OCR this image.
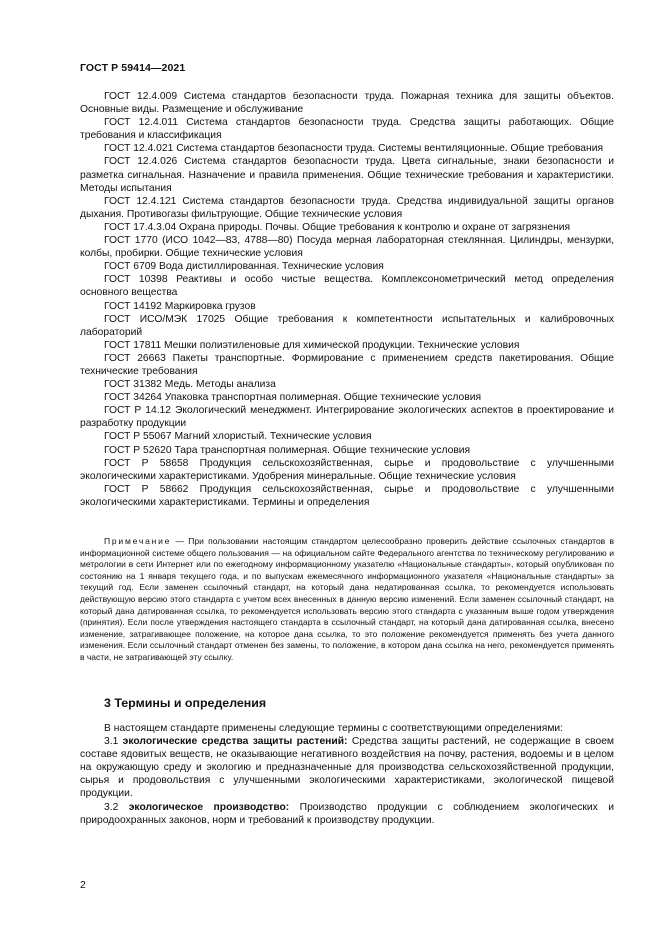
ГОСТ Р 59414—2021

ГОСТ 12.4.009 Система стандартов безопасности труда. Пожарная техника для защиты объектов. Основные виды. Размещение и обслуживание

ГОСТ 12.4.011 Система стандартов безопасности труда. Средства защиты работающих. Общие требования и классификация

ГОСТ 12.4.021 Система стандартов безопасности труда. Системы вентиляционные. Общие требования

ГОСТ 12.4.026 Система стандартов безопасности труда. Цвета сигнальные, знаки безопасности и разметка сигнальная. Назначение и правила применения. Общие технические требования и характеристики. Методы испытания

ГОСТ 12.4.121 Система стандартов безопасности труда. Средства индивидуальной защиты органов дыхания. Противогазы фильтрующие. Общие технические условия

ГОСТ 17.4.3.04 Охрана природы. Почвы. Общие требования к контролю и охране от загрязнения

ГОСТ 1770 (ИСО 1042—83, 4788—80) Посуда мерная лабораторная стеклянная. Цилиндры, мензурки, колбы, пробирки. Общие технические условия

ГОСТ 6709 Вода дистиллированная. Технические условия

ГОСТ 10398 Реактивы и особо чистые вещества. Комплексонометрический метод определения основного вещества

ГОСТ 14192 Маркировка грузов

ГОСТ ИСО/МЭК 17025 Общие требования к компетентности испытательных и калибровочных лабораторий

ГОСТ 17811 Мешки полиэтиленовые для химической продукции. Технические условия

ГОСТ 26663 Пакеты транспортные. Формирование с применением средств пакетирования. Общие технические требования

ГОСТ 31382 Медь. Методы анализа

ГОСТ 34264 Упаковка транспортная полимерная. Общие технические условия

ГОСТ Р 14.12 Экологический менеджмент. Интегрирование экологических аспектов в проектирование и разработку продукции

ГОСТ Р 55067 Магний хлористый. Технические условия

ГОСТ Р 52620 Тара транспортная полимерная. Общие технические условия

ГОСТ Р 58658 Продукция сельскохозяйственная, сырье и продовольствие с улучшенными экологическими характеристиками. Удобрения минеральные. Общие технические условия

ГОСТ Р 58662 Продукция сельскохозяйственная, сырье и продовольствие с улучшенными экологическими характеристиками. Термины и определения

Примечание — При пользовании настоящим стандартом целесообразно проверить действие ссылочных стандартов в информационной системе общего пользования — на официальном сайте Федерального агентства по техническому регулированию и метрологии в сети Интернет или по ежегодному информационному указателю «Национальные стандарты», который опубликован по состоянию на 1 января текущего года, и по выпускам ежемесячного информационного указателя «Национальные стандарты» за текущий год. Если заменен ссылочный стандарт, на который дана недатированная ссылка, то рекомендуется использовать действующую версию этого стандарта с учетом всех внесенных в данную версию изменений. Если заменен ссылочный стандарт, на который дана датированная ссылка, то рекомендуется использовать версию этого стандарта с указанным выше годом утверждения (принятия). Если после утверждения настоящего стандарта в ссылочный стандарт, на который дана датированная ссылка, внесено изменение, затрагивающее положение, на которое дана ссылка, то это положение рекомендуется применять без учета данного изменения. Если ссылочный стандарт отменен без замены, то положение, в котором дана ссылка на него, рекомендуется применять в части, не затрагивающей эту ссылку.

3 Термины и определения

В настоящем стандарте применены следующие термины с соответствующими определениями:

3.1 экологические средства защиты растений: Средства защиты растений, не содержащие в своем составе ядовитых веществ, не оказывающие негативного воздействия на почву, растения, водоемы и в целом на окружающую среду и экологию и предназначенные для производства сельскохозяйственной продукции, сырья и продовольствия с улучшенными экологическими характеристиками, экологической пищевой продукции.

3.2 экологическое производство: Производство продукции с соблюдением экологических и природоохранных законов, норм и требований к производству продукции.

2
